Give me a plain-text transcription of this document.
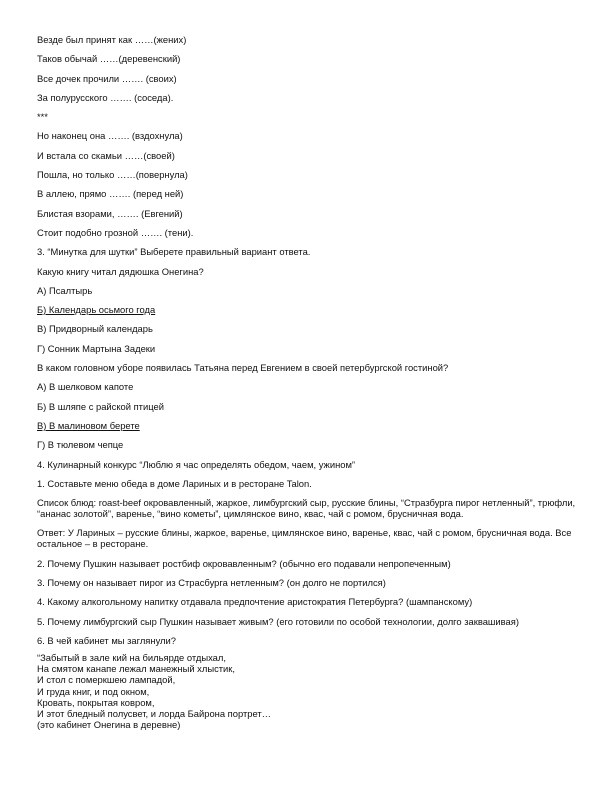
Везде был принят как ……(жених)
Таков обычай ……(деревенский)
Все дочек прочили ……. (своих)
За полурусского ……. (соседа).
***
Но наконец она ……. (вздохнула)
И встала со скамьи ……(своей)
Пошла, но только ……(повернула)
В аллею, прямо ……. (перед ней)
Блистая взорами, ……. (Евгений)
Стоит подобно грозной ……. (тени).
3. “Минутка для шутки” Выберете правильный вариант ответа.
Какую книгу читал дядюшка Онегина?
А) Псалтырь
Б) Календарь осьмого года
В) Придворный календарь
Г) Сонник Мартына Задеки
В каком головном уборе появилась Татьяна перед Евгением в своей петербургской гостиной?
А) В шелковом капоте
Б) В шляпе с райской птицей
В) В малиновом берете
Г) В тюлевом чепце
4. Кулинарный конкурс “Люблю я час определять обедом, чаем, ужином”
1. Составьте меню обеда в доме Лариных и в ресторане Talon.
Список блюд: roast-beef окровавленный, жаркое, лимбургский сыр, русские блины, “Стразбурга пирог нетленный”, трюфли, “ананас золотой”, варенье, “вино кометы”, цимлянское вино, квас, чай с ромом, брусничная вода.
Ответ: У Лариных – русские блины, жаркое, варенье, цимлянское вино, варенье, квас, чай с ромом, брусничная вода. Все остальное – в ресторане.
2. Почему Пушкин называет ростбиф окровавленным? (обычно его подавали непропеченным)
3. Почему он называет пирог из Страсбурга нетленным? (он долго не портился)
4. Какому алкогольному напитку отдавала предпочтение аристократия Петербурга? (шампанскому)
5. Почему лимбургский сыр Пушкин называет живым? (его готовили по особой технологии, долго заквашивая)
6. В чей кабинет мы заглянули?
“Забытый в зале кий на бильярде отдыхал,
На смятом канапе лежал манежный хлыстик,
И стол с померкшею лампадой,
И груда книг, и под окном,
Кровать, покрытая ковром,
И этот бледный полусвет, и лорда Байрона портрет…
(это кабинет Онегина в деревне)
